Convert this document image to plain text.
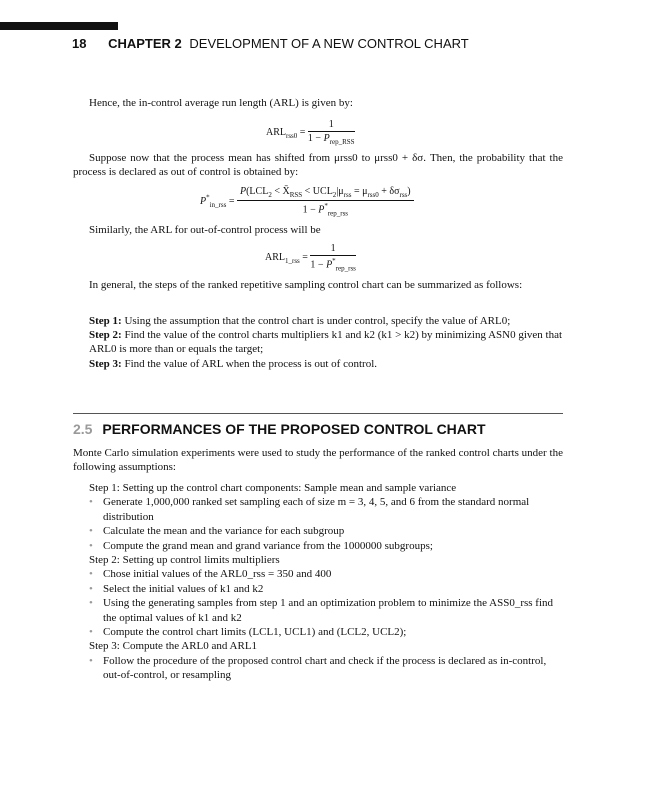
18 CHAPTER 2 DEVELOPMENT OF A NEW CONTROL CHART
Hence, the in-control average run length (ARL) is given by:
$ARL_{rss0} = \frac{1}{1 - P_{rep\_RSS}}$
Suppose now that the process mean has shifted from μrss0 to μrss0 + δσ. Then, the probability that the process is declared as out of control is obtained by:
$P^*_{in\_rss} = \frac{P(LCL_2 < X̄_{RSS} < UCL_2|\mu_{rss} = \mu_{rss0} + \delta\sigma_{rss})}{1 - P^*_{rep\_rss}}$
Similarly, the ARL for out-of-control process will be
$ARL_{1\_rss} = \frac{1}{1 - P^*_{rep\_rss}}$
In general, the steps of the ranked repetitive sampling control chart can be summarized as follows:
Step 1: Using the assumption that the control chart is under control, specify the value of ARL0;
Step 2: Find the value of the control charts multipliers k1 and k2 (k1 > k2) by minimizing ASN0 given that ARL0 is more than or equals the target;
Step 3: Find the value of ARL when the process is out of control.
2.5 PERFORMANCES OF THE PROPOSED CONTROL CHART
Monte Carlo simulation experiments were used to study the performance of the ranked control charts under the following assumptions:
Step 1: Setting up the control chart components: Sample mean and sample variance
• Generate 1,000,000 ranked set sampling each of size m = 3, 4, 5, and 6 from the standard normal distribution
• Calculate the mean and the variance for each subgroup
• Compute the grand mean and grand variance from the 1000000 subgroups;
Step 2: Setting up control limits multipliers
• Chose initial values of the ARL0_rss = 350 and 400
• Select the initial values of k1 and k2
• Using the generating samples from step 1 and an optimization problem to minimize the ASS0_rss find the optimal values of k1 and k2
• Compute the control chart limits (LCL1, UCL1) and (LCL2, UCL2);
Step 3: Compute the ARL0 and ARL1
• Follow the procedure of the proposed control chart and check if the process is declared as in-control, out-of-control, or resampling
